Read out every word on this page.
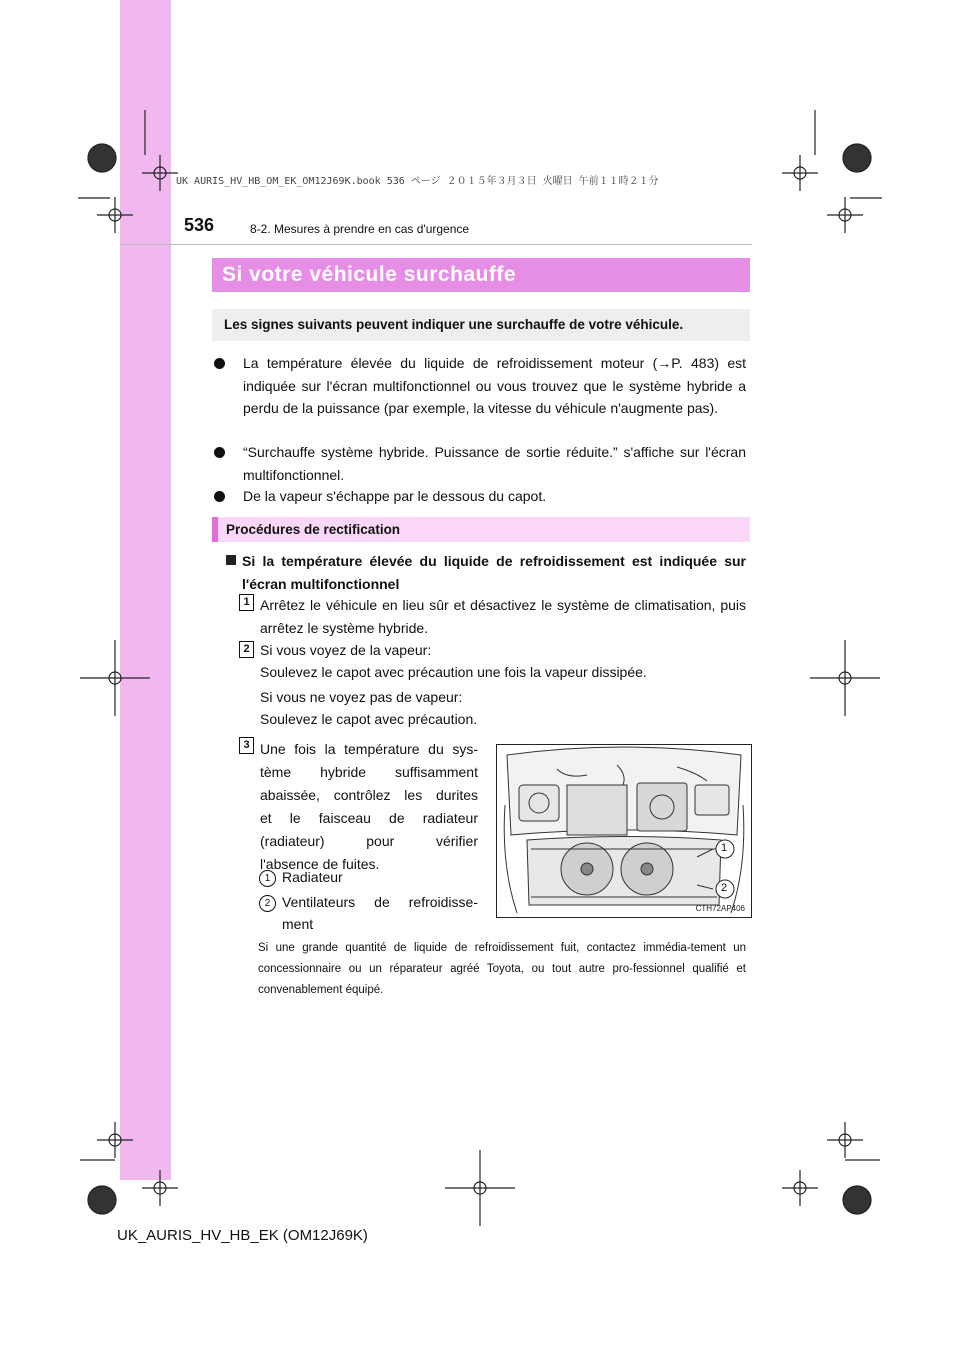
UK AURIS_HV_HB_OM_EK_OM12J69K.book 536 ページ ２０１５年３月３日 火曜日 午前１１時２１分
536	8-2. Mesures à prendre en cas d'urgence
Si votre véhicule surchauffe
Les signes suivants peuvent indiquer une surchauffe de votre véhicule.
La température élevée du liquide de refroidissement moteur (→P. 483) est indiquée sur l'écran multifonctionnel ou vous trouvez que le système hybride a perdu de la puissance (par exemple, la vitesse du véhicule n'augmente pas).
“Surchauffe système hybride. Puissance de sortie réduite.” s'affiche sur l'écran multifonctionnel.
De la vapeur s'échappe par le dessous du capot.
Procédures de rectification
Si la température élevée du liquide de refroidissement est indiquée sur l'écran multifonctionnel
1 Arrêtez le véhicule en lieu sûr et désactivez le système de climatisation, puis arrêtez le système hybride.
2 Si vous voyez de la vapeur:
Soulevez le capot avec précaution une fois la vapeur dissipée.
Si vous ne voyez pas de vapeur:
Soulevez le capot avec précaution.
3 Une fois la température du sys-
tème hybride suffisamment
abaissée, contrôlez les durites
et le faisceau de radiateur
(radiateur) pour vérifier
l'absence de fuites.
1 Radiateur
2 Ventilateurs de refroidisse-
ment
1
2
CTH72AP406
Si une grande quantité de liquide de refroidissement fuit, contactez immédia-tement un concessionnaire ou un réparateur agréé Toyota, ou tout autre pro-fessionnel qualifié et convenablement équipé.
UK_AURIS_HV_HB_EK (OM12J69K)
